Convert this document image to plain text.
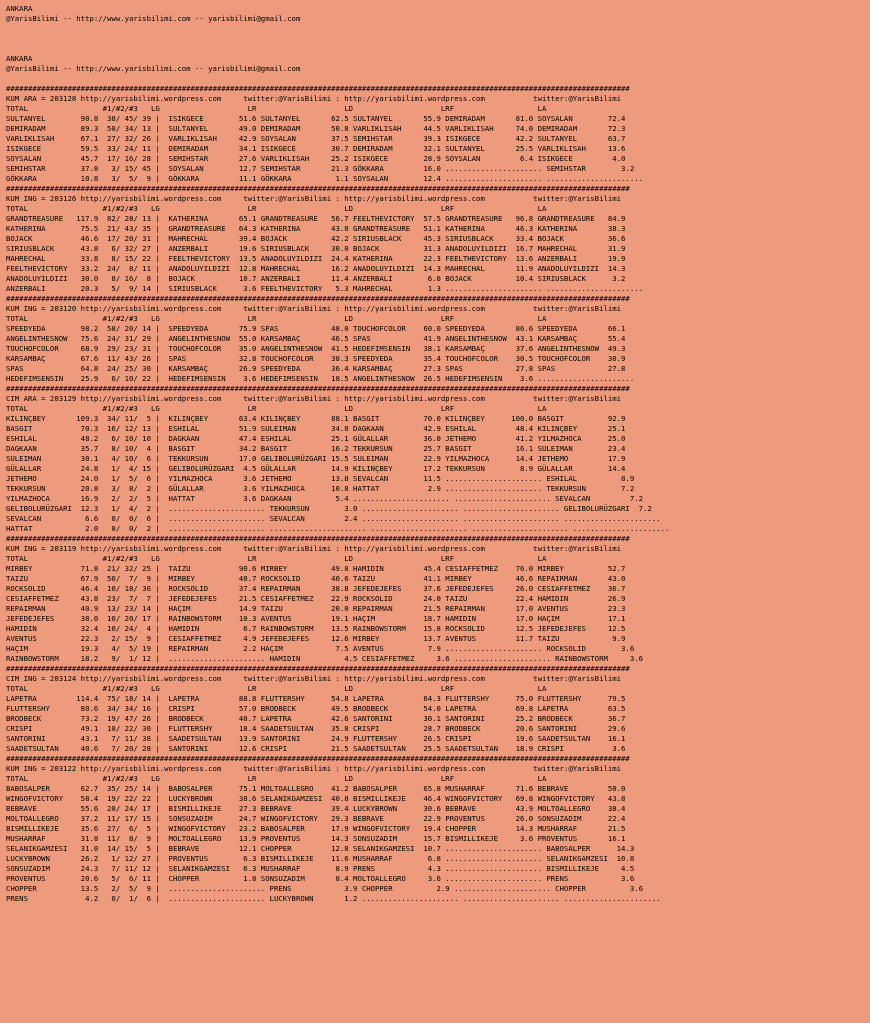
ANKARA
@YarisBilimi -- http://www.yarisbilimi.com -- yarisbilimi@gmail.com
ANKARA
@YarisBilimi -- http://www.yarisbilimi.com -- yarisbilimi@gmail.com
##############################################################################################################################################
KUM ARA = 203128 http://yarisbilimi.wordpress.com     twitter:@YarisBilimi : http://yarisbilimi.wordpress.com           twitter:@YarisBilimi
TOTAL                 #1/#2/#3   LG                    LR                    LD                    LRF                   LA
SULTANYEL        90.8  38/ 45/ 39 |  ISIKGECE        51.6 SULTANYEL       62.5 SULTANYEL       55.9 DEMIRADAM       81.0 SOYSALAN        72.4
DEMIRADAM        89.3  50/ 34/ 13 |  SULTANYEL       49.0 DEMIRADAM       50.8 VARLIKLISAH     44.5 VARLIKLISAH     74.0 DEMIRADAM       72.3
VARLIKLISAH      67.1  27/ 32/ 26 |  VARLIKLISAH     42.9 SOYSALAN        37.5 SEMIHSTAR       39.3 ISIKGECE        42.2 SULTANYEL       63.7
ISIKGECE         59.5  33/ 24/ 11 |  DEMIRADAM       34.1 ISIKGECE        30.7 DEMIRADAM       32.1 SULTANYEL       25.5 VARLIKLISAH     13.6
SOYSALAN         45.7  17/ 16/ 28 |  SEMIHSTAR       27.6 VARLIKLISAH     25.2 ISIKGECE        28.9 SOYSALAN         6.4 ISIKGECE         4.0
SEMIHSTAR        37.8   3/ 15/ 45 |  SOYSALAN        12.7 SEMIHSTAR       21.3 GÖKKARA         16.0 ...................... SEMIHSTAR        3.2
GÖKKARA          10.8   3/  5/  9 |  GÖKKARA         11.1 GÖKKARA          1.1 SOYSALAN        12.4 ...................... ......................
##############################################################################################################################################
KUM ING = 203126 http://yarisbilimi.wordpress.com     twitter:@YarisBilimi : http://yarisbilimi.wordpress.com           twitter:@YarisBilimi
TOTAL                 #1/#2/#3   LG                    LR                    LD                    LRF                   LA
GRANDTREASURE   117.9  82/ 28/ 13 |  KATHERINA       65.1 GRANDTREASURE   56.7 FEELTHEVICTORY  57.5 GRANDTREASURE   96.8 GRANDTREASURE   84.9
KATHERINA        75.5  21/ 43/ 35 |  GRANDTREASURE   64.3 KATHERINA       43.0 GRANDTREASURE   51.1 KATHERINA       46.3 KATHERINA       38.3
BOJACK           46.6  17/ 20/ 31 |  MAHRECHAL       39.4 BOJACK          42.2 SIRIUSBLACK     45.3 SIRIUSBLACK     33.4 BOJACK          36.6
SIRIUSBLACK      43.8   6/ 32/ 27 |  ANZERBALI       19.6 SIRIUSBLACK     30.0 BOJACK          31.3 ANADOLUYILDIZI  16.7 MAHRECHAL       31.9
MAHRECHAL        33.8   8/ 15/ 22 |  FEELTHEVICTORY  13.5 ANADOLUYILDIZI  24.4 KATHERINA       22.3 FEELTHEVICTORY  13.6 ANZERBALI       19.9
FEELTHEVICTORY   33.2  24/  8/ 11 |  ANADOLUYILDIZI  12.8 MAHRECHAL       16.2 ANADOLUYILDIZI  14.3 MAHRECHAL       11.9 ANADOLUYILDIZI  14.3
ANADOLUYILDIZI   30.0   8/ 16/  8 |  BOJACK          10.7 ANZERBALI       11.4 ANZERBALI        6.0 BOJACK          10.4 SIRIUSBLACK      3.2
ANZERBALI        20.3   5/  9/ 14 |  SIRIUSBLACK      3.6 FEELTHEVICTORY   5.3 MAHRECHAL        1.3 ...................... ......................
##############################################################################################################################################
KUM ING = 203120 http://yarisbilimi.wordpress.com     twitter:@YarisBilimi : http://yarisbilimi.wordpress.com           twitter:@YarisBilimi
TOTAL                 #1/#2/#3   LG                    LR                    LD                    LRF                   LA
SPEEDYEDA        98.2  58/ 20/ 14 |  SPEEDYEDA       75.9 SPAS            48.0 TOUCHOFCOLOR    60.0 SPEEDYEDA       86.6 SPEEDYEDA       66.1
ANGELINTHESNOW   75.6  24/ 31/ 29 |  ANGELINTHESNOW  55.0 KARSAMBAÇ       46.5 SPAS            41.9 ANGELINTHESNOW  43.1 KARSAMBAÇ       55.4
TOUCHOFCOLOR     68.9  29/ 23/ 31 |  TOUCHOFCOLOR    35.0 ANGELINTHESNOW  41.5 HEDEFIMSENSIN   38.1 KARSAMBAÇ       37.6 ANGELINTHESNOW  49.3
KARSAMBAÇ        67.6  11/ 43/ 26 |  SPAS            32.8 TOUCHOFCOLOR    38.3 SPEEDYEDA       35.4 TOUCHOFCOLOR    30.5 TOUCHOFCOLOR    30.9
SPAS             64.8  24/ 25/ 30 |  KARSAMBAÇ       26.9 SPEEDYEDA       36.4 KARSAMBAÇ       27.3 SPAS            27.8 SPAS            27.8
HEDEFIMSENSIN    25.9   6/ 10/ 22 |  HEDEFIMSENSIN    3.6 HEDEFIMSENSIN   18.5 ANGELINTHESNOW  26.5 HEDEFIMSENSIN    3.6 ......................
##############################################################################################################################################
CIM ARA = 203129 http://yarisbilimi.wordpress.com     twitter:@YarisBilimi : http://yarisbilimi.wordpress.com           twitter:@YarisBilimi
TOTAL                 #1/#2/#3   LG                    LR                    LD                    LRF                   LA
KILINÇBEY       109.3  34/ 11/  5 |  KILINÇBEY       63.4 KILINÇBEY       88.1 BASGIT          70.0 KILINÇBEY      100.0 BASGIT          92.9
BASGIT           70.3  16/ 12/ 13 |  ESHILAL         51.9 SULEIMAN        34.0 DAGKAAN         42.9 ESHILAL         48.4 KILINÇBEY       25.1
ESHILAL          48.2   6/ 10/ 10 |  DAGKAAN         47.4 ESHILAL         25.1 GÜLALLAR        36.0 JETHEMO         41.2 YILMAZHOCA      25.0
DAGKAAN          35.7   8/ 10/  4 |  BASGIT          34.2 BASGIT          16.2 TEKKURSUN       25.7 BASGIT          16.1 SULEIMAN        23.4
SULEIMAN         30.1   4/ 10/  6 |  TEKKURSUN       17.0 GELIBOLURÜZGARI 15.5 SULEIMAN        22.9 YILMAZHOCA      14.4 JETHEMO         17.9
GÜLALLAR         24.8   1/  4/ 15 |  GELIBOLURÜZGARI  4.5 GÜLALLAR        14.9 KILINÇBEY       17.2 TEKKURSUN        8.9 GÜLALLAR        14.4
JETHEMO          24.0   1/  5/  6 |  YILMAZHOCA       3.6 JETHEMO         13.8 SEVALCAN        11.5 ...................... ESHILAL          8.9
TEKKURSUN        20.8   3/  8/  2 |  GÜLALLAR         3.6 YILMAZHOCA      10.8 HATTAT           2.9 ...................... TEKKURSUN        7.2
YILMAZHOCA       16.9   2/  2/  5 |  HATTAT           3.6 DAGKAAN          5.4 ...................... ...................... SEVALCAN         7.2
GELIBOLURÜZGARI  12.3   1/  4/  2 |  ...................... TEKKURSUN        3.0 ...................... ...................... GELIBOLURÜZGARI  7.2
SEVALCAN          6.6   0/  0/  6 |  ...................... SEVALCAN         2.4 ...................... ...................... ......................
HATTAT            2.0   0/  0/  2 |  ...................... ...................... ...................... ...................... ......................
##############################################################################################################################################
KUM ING = 203119 http://yarisbilimi.wordpress.com     twitter:@YarisBilimi : http://yarisbilimi.wordpress.com           twitter:@YarisBilimi
TOTAL                 #1/#2/#3   LG                    LR                    LD                    LRF                   LA
MIRBEY           71.8  21/ 32/ 25 |  TAIZU           90.6 MIRBEY          49.8 HAMIDIN         45.4 CESIAFFETMEZ    76.0 MIRBEY          52.7
TAIZU            67.9  50/  7/  9 |  MIRBEY          40.7 ROCKSOLID       40.6 TAIZU           41.1 MIRBEY          46.6 REPAIRMAN       43.0
ROCKSOLID        46.4  10/ 18/ 36 |  ROCKSOLID       37.4 REPAIRMAN       38.8 JEFEDEJEFES     37.6 JEFEDEJEFES     26.0 CESIAFFETMEZ    36.7
CESIAFFETMEZ     43.8  23/  7/  7 |  JEFEDEJEFES     21.5 CESIAFFETMEZ    22.9 ROCKSOLID       24.0 TAIZU           22.4 HAMIDIN         26.9
REPAIRMAN        40.9  13/ 23/ 14 |  HAÇIM           14.9 TAIZU           20.0 REPAIRMAN       21.5 REPAIRMAN       17.0 AVENTUS         23.3
JEFEDEJEFES      38.0  10/ 20/ 17 |  RAINBOWSTORM    10.3 AVENTUS         19.1 HAÇIM           18.7 HAMIDIN         17.0 HAÇIM           17.1
HAMIDIN          32.4  10/ 24/  4 |  HAMIDIN          6.7 RAINBOWSTORM    13.5 RAINBOWSTORM    15.8 ROCKSOLID       12.5 JEFEDEJEFES     12.5
AVENTUS          22.3   2/ 15/  9 |  CESIAFFETMEZ     4.9 JEFEDEJEFES     12.6 MIRBEY          13.7 AVENTUS         11.7 TAIZU            9.9
HAÇIM            19.3   4/  5/ 19 |  REPAIRMAN        2.2 HAÇIM            7.5 AVENTUS          7.9 ...................... ROCKSOLID        3.6
RAINBOWSTORM     18.2   9/  1/ 12 |  ...................... HAMIDIN          4.5 CESIAFFETMEZ     3.6 ...................... RAINBOWSTORM     3.6
##############################################################################################################################################
CIM ING = 203124 http://yarisbilimi.wordpress.com     twitter:@YarisBilimi : http://yarisbilimi.wordpress.com           twitter:@YarisBilimi
TOTAL                 #1/#2/#3   LG                    LR                    LD                    LRF                   LA
LAPETRA         114.4  75/ 18/ 14 |  LAPETRA         88.8 FLUTTERSHY      54.8 LAPETRA         64.3 FLUTTERSHY      75.0 FLUTTERSHY      79.5
FLUTTERSHY       80.6  34/ 34/ 16 |  CRISPI          57.0 BRODBECK        49.5 BRODBECK        54.0 LAPETRA         69.8 LAPETRA         63.5
BRODBECK         73.2  19/ 47/ 26 |  BRODBECK        40.7 LAPETRA         42.6 SANTORINI       30.1 SANTORINI       25.2 BRODBECK        36.7
CRISPI           49.1  10/ 22/ 30 |  FLUTTERSHY      18.4 SAADETSULTAN    35.8 CRISPI          28.7 BRODBECK        20.6 SANTORINI       29.6
SANTORINI        43.1   7/ 11/ 38 |  SAADETSULTAN    13.9 SANTORINI       24.9 FLUTTERSHY      26.5 CRISPI          19.6 SAADETSULTAN    16.1
SAADETSULTAN     40.6   7/ 20/ 28 |  SANTORINI       12.6 CRISPI          21.5 SAADETSULTAN    25.5 SAADETSULTAN    18.9 CRISPI           3.6
##############################################################################################################################################
KUM ING = 203122 http://yarisbilimi.wordpress.com     twitter:@YarisBilimi : http://yarisbilimi.wordpress.com           twitter:@YarisBilimi
TOTAL                 #1/#2/#3   LG                    LR                    LD                    LRF                   LA
BABOSALPER       62.7  35/ 25/ 14 |  BABOSALPER      75.1 MOLTOALLEGRO    41.2 BABOSALPER      65.8 MUSHARRAF       71.6 BEBRAVE         50.0
WINGOFVICTORY    58.4  19/ 22/ 22 |  LUCKYBROWN      38.6 SELANIKGAMZESI  40.8 BISMILLIKEJE    46.4 WINGOFVICTORY   69.8 WINGOFVICTORY   43.8
BEBRAVE          55.6  20/ 24/ 17 |  BISMILLIKEJE    27.3 BEBRAVE         39.4 LUCKYBROWN      30.6 BEBRAVE         43.9 MOLTOALLEGRO    38.4
MOLTOALLEGRO     37.2  11/ 17/ 15 |  SONSUZADIM      24.7 WINGOFVICTORY   29.3 BEBRAVE         22.9 PROVENTUS       26.0 SONSUZADIM      22.4
BISMILLIKEJE     35.6  27/  6/  5 |  WINGOFVICTORY   23.2 BABOSALPER      17.9 WINGOFVICTORY   19.4 CHOPPER         14.3 MUSHARRAF       21.5
MUSHARRAF        31.8  11/  8/  9 |  MOLTOALLEGRO    13.9 PROVENTUS       14.3 SONSUZADIM      15.7 BISMILLIKEJE     3.6 PROVENTUS       16.1
SELANIKGAMZESI   31.0  14/ 15/  5 |  BEBRAVE         12.1 CHOPPER         12.8 SELANIKGAMZESI  10.7 ...................... BABOSALPER      14.3
LUCKYBROWN       26.2   1/ 12/ 27 |  PROVENTUS        6.3 BISMILLIKEJE    11.6 MUSHARRAF        6.8 ...................... SELANIKGAMZESI  10.8
SONSUZADIM       24.3   7/ 11/ 12 |  SELANIKGAMZESI   6.3 MUSHARRAF        8.9 PRENS            4.3 ...................... BISMILLIKEJE     4.5
PROVENTUS        20.6   5/  6/ 11 |  CHOPPER          1.8 SONSUZADIM       8.4 MOLTOALLEGRO     3.6 ...................... PRENS            3.6
CHOPPER          13.5   2/  5/  9 |  ...................... PRENS            3.9 CHOPPER          2.9 ...................... CHOPPER          3.6
PRENS             4.2   0/  1/  6 |  ...................... LUCKYBROWN       1.2 ...................... ...................... ......................
